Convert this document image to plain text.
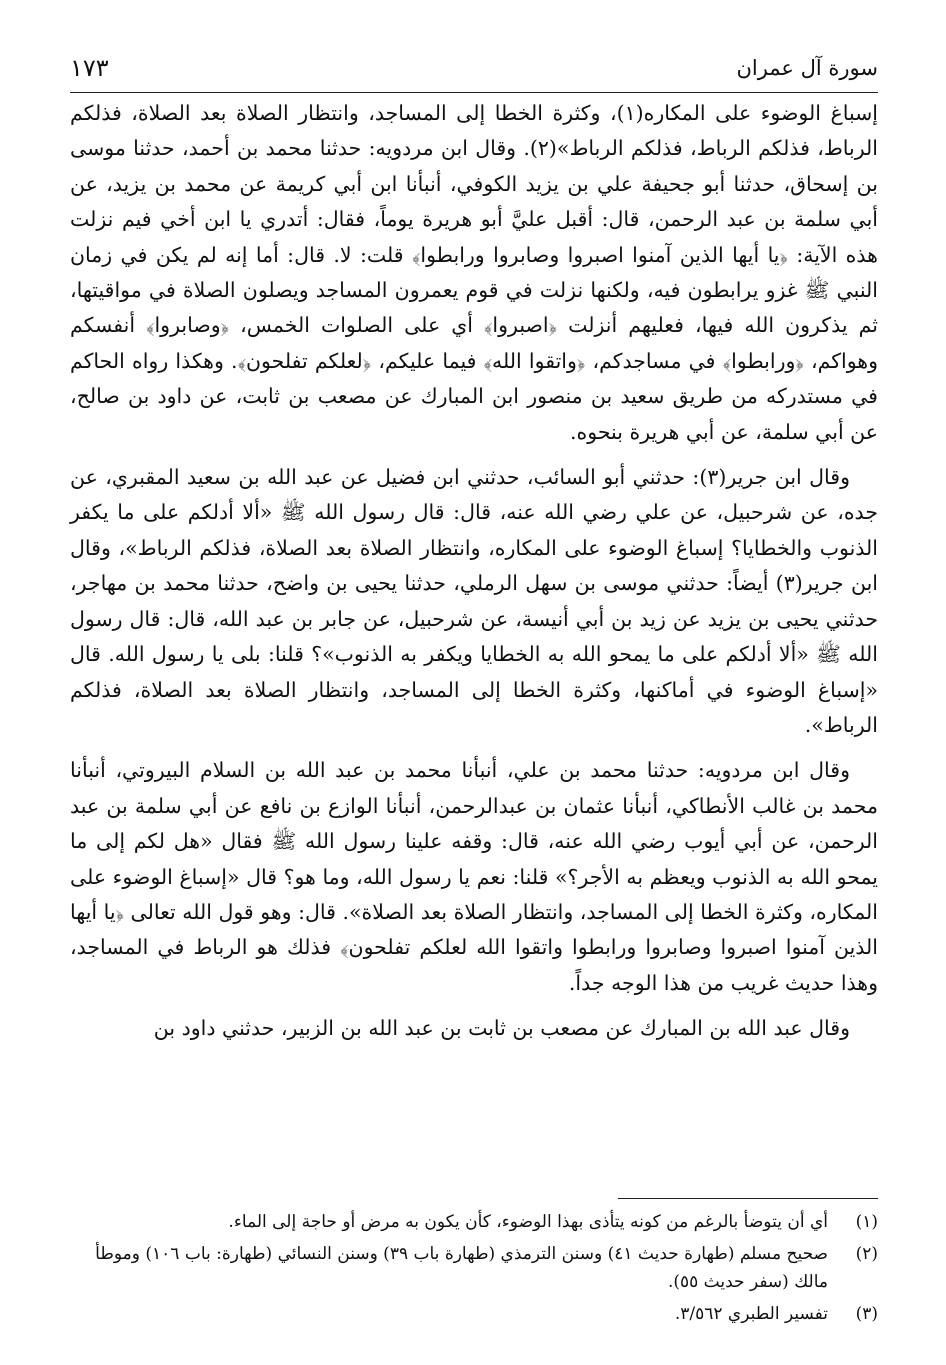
سورة آل عمران
١٧٣

إسباغ الوضوء على المكاره(١)، وكثرة الخطا إلى المساجد، وانتظار الصلاة بعد الصلاة، فذلكم الرباط، فذلكم الرباط، فذلكم الرباط»(٢). وقال ابن مردويه: حدثنا محمد بن أحمد، حدثنا موسى بن إسحاق، حدثنا أبو جحيفة علي بن يزيد الكوفي، أنبأنا ابن أبي كريمة عن محمد بن يزيد، عن أبي سلمة بن عبد الرحمن، قال: أقبل عليَّ أبو هريرة يوماً، فقال: أتدري يا ابن أخي فيم نزلت هذه الآية: ﴿يا أيها الذين آمنوا اصبروا وصابروا ورابطوا﴾ قلت: لا. قال: أما إنه لم يكن في زمان النبي ﷺ غزو يرابطون فيه، ولكنها نزلت في قوم يعمرون المساجد ويصلون الصلاة في مواقيتها، ثم يذكرون الله فيها، فعليهم أنزلت ﴿اصبروا﴾ أي على الصلوات الخمس، ﴿وصابروا﴾ أنفسكم وهواكم، ﴿ورابطوا﴾ في مساجدكم، ﴿واتقوا الله﴾ فيما عليكم، ﴿لعلكم تفلحون﴾. وهكذا رواه الحاكم في مستدركه من طريق سعيد بن منصور ابن المبارك عن مصعب بن ثابت، عن داود بن صالح، عن أبي سلمة، عن أبي هريرة بنحوه.

وقال ابن جرير(٣): حدثني أبو السائب، حدثني ابن فضيل عن عبد الله بن سعيد المقبري، عن جده، عن شرحبيل، عن علي رضي الله عنه، قال: قال رسول الله ﷺ «ألا أدلكم على ما يكفر الذنوب والخطايا؟ إسباغ الوضوء على المكاره، وانتظار الصلاة بعد الصلاة، فذلكم الرباط»، وقال ابن جرير(٣) أيضاً: حدثني موسى بن سهل الرملي، حدثنا يحيى بن واضح، حدثنا محمد بن مهاجر، حدثني يحيى بن يزيد عن زيد بن أبي أنيسة، عن شرحبيل، عن جابر بن عبد الله، قال: قال رسول الله ﷺ «ألا أدلكم على ما يمحو الله به الخطايا ويكفر به الذنوب»؟ قلنا: بلى يا رسول الله. قال «إسباغ الوضوء في أماكنها، وكثرة الخطا إلى المساجد، وانتظار الصلاة بعد الصلاة، فذلكم الرباط».

وقال ابن مردويه: حدثنا محمد بن علي، أنبأنا محمد بن عبد الله بن السلام البيروتي، أنبأنا محمد بن غالب الأنطاكي، أنبأنا عثمان بن عبدالرحمن، أنبأنا الوازع بن نافع عن أبي سلمة بن عبد الرحمن، عن أبي أيوب رضي الله عنه، قال: وقفه علينا رسول الله ﷺ فقال «هل لكم إلى ما يمحو الله به الذنوب ويعظم به الأجر؟» قلنا: نعم يا رسول الله، وما هو؟ قال «إسباغ الوضوء على المكاره، وكثرة الخطا إلى المساجد، وانتظار الصلاة بعد الصلاة». قال: وهو قول الله تعالى ﴿يا أيها الذين آمنوا اصبروا وصابروا ورابطوا واتقوا الله لعلكم تفلحون﴾ فذلك هو الرباط في المساجد، وهذا حديث غريب من هذا الوجه جداً.

وقال عبد الله بن المبارك عن مصعب بن ثابت بن عبد الله بن الزبير، حدثني داود بن

(١)
أي أن يتوضأ بالرغم من كونه يتأذى بهذا الوضوء، كأن يكون به مرض أو حاجة إلى الماء.
(٢)
صحيح مسلم (طهارة حديث ٤١) وسنن الترمذي (طهارة باب ٣٩) وسنن النسائي (طهارة: باب ١٠٦) وموطأ مالك (سفر حديث ٥٥).
(٣)
تفسير الطبري ٣/٥٦٢.
